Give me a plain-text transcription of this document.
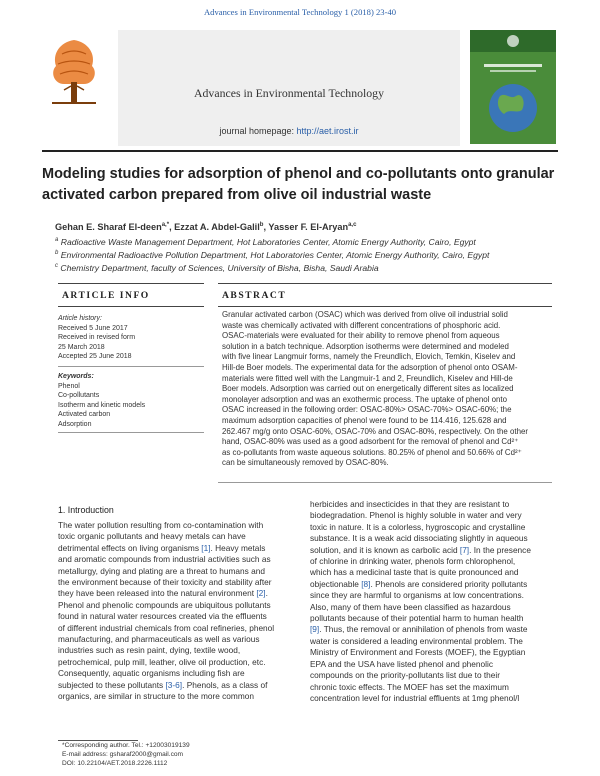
Advances in Environmental Technology 1 (2018) 23-40
Advances in Environmental Technology
journal homepage: http://aet.irost.ir
Modeling studies for adsorption of phenol and co-pollutants onto granular
activated carbon prepared from olive oil industrial waste
Gehan E. Sharaf El-deen$^{a,*}$, Ezzat A. Abdel-Galil$^b$, Yasser F. El-Aryan$^{a,c}$
$^a$ Radioactive Waste Management Department, Hot Laboratories Center, Atomic Energy Authority, Cairo, Egypt
$^b$ Environmental Radioactive Pollution Department, Hot Laboratories Center, Atomic Energy Authority, Cairo, Egypt
$^c$ Chemistry Department, faculty of Sciences, University of Bisha, Bisha, Saudi Arabia
ARTICLE INFO	ABSTRACT
Article history:
Received 5 June 2017
Received in revised form
25 March 2018
Accepted 25 June 2018
Keywords:
Phenol
Co-pollutants
Isotherm and kinetic models
Activated carbon
Adsorption
Granular activated carbon (OSAC) which was derived from olive oil industrial solid
waste was chemically activated with different concentrations of phosphoric acid.
OSAC-materials were evaluated for their ability to remove phenol from aqueous
solution in a batch technique. Adsorption isotherms were determined and modeled
with five linear Langmuir forms, namely the Freundlich, Elovich, Temkin, Kiselev and
Hill-de Boer models. The experimental data for the adsorption of phenol onto OSAM-
materials were fitted well with the Langmuir-1 and 2, Freundlich, Kiselev and Hill-de
Boer models. Adsorption was carried out on energetically different sites as localized
monolayer adsorption and was an exothermic process. The uptake of phenol onto
OSAC increased in the following order: OSAC-80%> OSAC-70%> OSAC-60%; the
maximum adsorption capacities of phenol were found to be 114.416, 125.628 and
262.467 mg/g onto OSAC-60%, OSAC-70% and OSAC-80%, respectively. On the other
hand, OSAC-80% was used as a good adsorbent for the removal of phenol and Cd²⁺
as co-pollutants from waste aqueous solutions. 80.25% of phenol and 50.66% of Cd²⁺
can be simultaneously removed by OSAC-80%.
1. Introduction
The water pollution resulting from co-contamination with
toxic organic pollutants and heavy metals can have
detrimental effects on living organisms [1]. Heavy metals
and aromatic compounds from industrial activities such as
metallurgy, dying and plating are a threat to humans and
the environment because of their toxicity and stability after
they have been released into the natural environment [2].
Phenol and phenolic compounds are ubiquitous pollutants
found in natural water resources created via the effluents
of different industrial chemicals from coal refineries, phenol
manufacturing, and pharmaceuticals as well as various
industries such as resin paint, dying, textile wood,
petrochemical, pulp mill, leather, olive oil production, etc.
Consequently, aquatic organisms including fish are
subjected to these pollutants [3-6]. Phenols, as a class of
organics, are similar in structure to the more common
herbicides and insecticides in that they are resistant to
biodegradation. Phenol is highly soluble in water and very
toxic in nature. It is a colorless, hygroscopic and crystalline
substance. It is a weak acid dissociating slightly in aqueous
solution, and it is known as carbolic acid [7]. In the presence
of chlorine in drinking water, phenols form chlorophenol,
which has a medicinal taste that is quite pronounced and
objectionable [8]. Phenols are considered priority pollutants
since they are harmful to organisms at low concentrations.
Also, many of them have been classified as hazardous
pollutants because of their potential harm to human health
[9]. Thus, the removal or annihilation of phenols from waste
water is considered a leading environmental problem. The
Ministry of Environment and Forests (MOEF), the Egyptian
EPA and the USA have listed phenol and phenolic
compounds on the priority-pollutants list due to their
chronic toxic effects. The MOEF has set the maximum
concentration level for industrial effluents at 1mg phenol/l
*Corresponding author. Tel.: +12003019139
E-mail address: gsharaf2000@gmail.com
DOI: 10.22104/AET.2018.2226.1112
